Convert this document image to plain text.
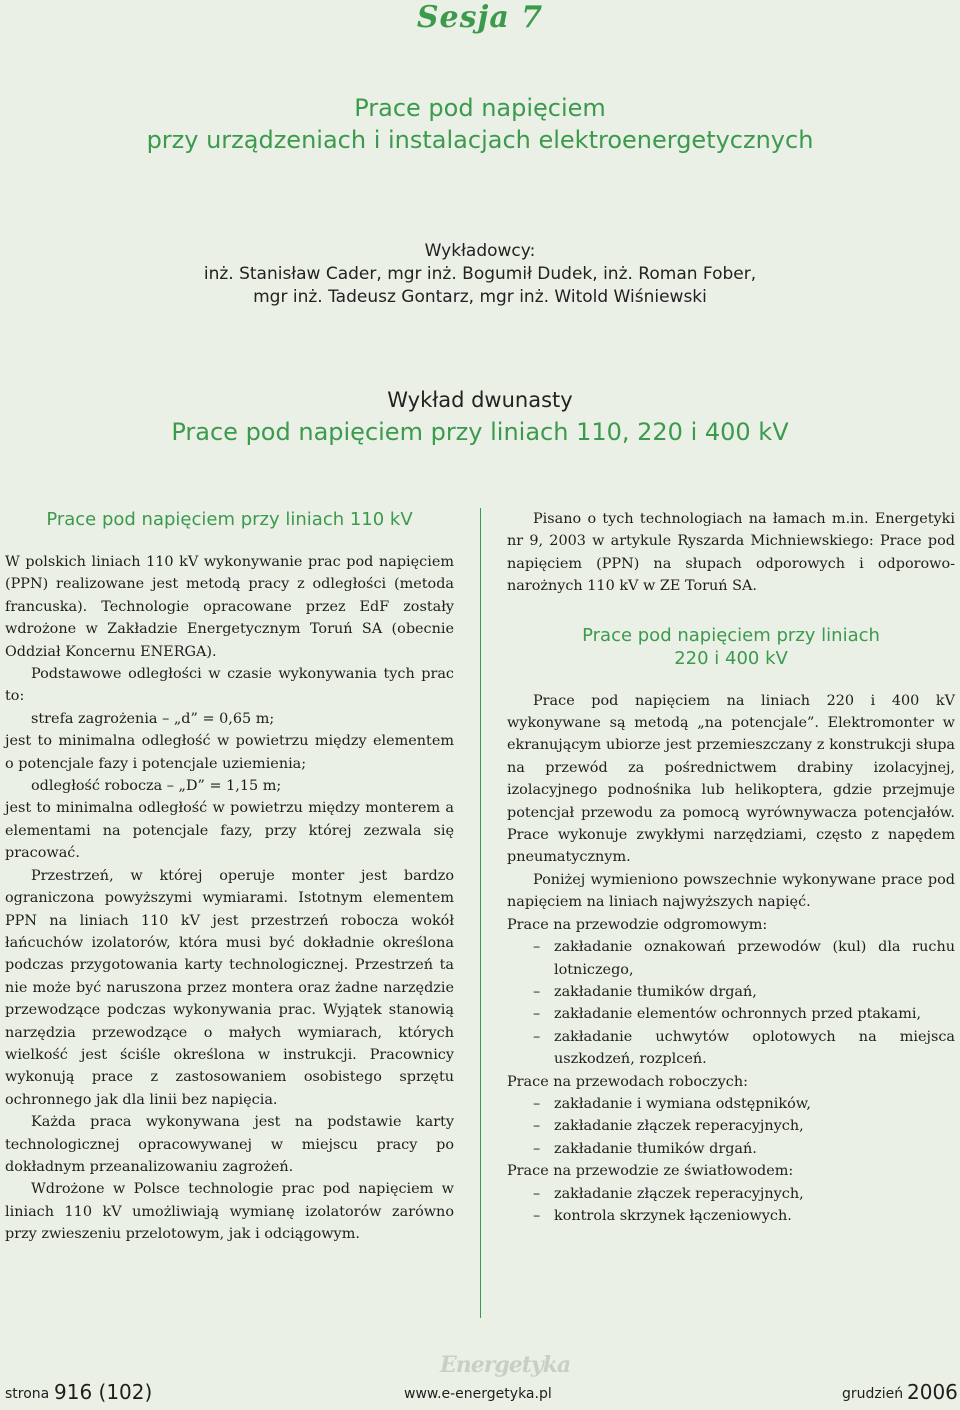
Sesja 7
Prace pod napięciem
przy urządzeniach i instalacjach elektroenergetycznych
Wykładowcy:
inż. Stanisław Cader, mgr inż. Bogumił Dudek, inż. Roman Fober,
mgr inż. Tadeusz Gontarz, mgr inż. Witold Wiśniewski
Wykład dwunasty
Prace pod napięciem przy liniach 110, 220 i 400 kV
Prace pod napięciem przy liniach 110 kV

W polskich liniach 110 kV wykonywanie prac pod napięciem (PPN) realizowane jest metodą pracy z odległości (metoda francuska). Technologie opracowane przez EdF zostały wdrożone w Zakładzie Energetycznym Toruń SA (obecnie Oddział Koncernu ENERGA).

Podstawowe odległości w czasie wykonywania tych prac to:

strefa zagrożenia – „d” = 0,65 m;

jest to minimalna odległość w powietrzu między elementem o potencjale fazy i potencjale uziemienia;

odległość robocza – „D” = 1,15 m;

jest to minimalna odległość w powietrzu między monterem a elementami na potencjale fazy, przy której zezwala się pracować.

Przestrzeń, w której operuje monter jest bardzo ograniczona powyższymi wymiarami. Istotnym elementem PPN na liniach 110 kV jest przestrzeń robocza wokół łańcuchów izolatorów, która musi być dokładnie określona podczas przygotowania karty technologicznej. Przestrzeń ta nie może być naruszona przez montera oraz żadne narzędzie przewodzące podczas wykonywania prac. Wyjątek stanowią narzędzia przewodzące o małych wymiarach, których wielkość jest ściśle określona w instrukcji. Pracownicy wykonują prace z zastosowaniem osobistego sprzętu ochronnego jak dla linii bez napięcia.

Każda praca wykonywana jest na podstawie karty technologicznej opracowywanej w miejscu pracy po dokładnym przeanalizowaniu zagrożeń.

Wdrożone w Polsce technologie prac pod napięciem w liniach 110 kV umożliwiają wymianę izolatorów zarówno przy zwieszeniu przelotowym, jak i odciągowym.

Pisano o tych technologiach na łamach m.in. Energetyki nr 9, 2003 w artykule Ryszarda Michniewskiego: Prace pod napięciem (PPN) na słupach odporowych i odporowo-narożnych 110 kV w ZE Toruń SA.

Prace pod napięciem przy liniach
220 i 400 kV

Prace pod napięciem na liniach 220 i 400 kV wykonywane są metodą „na potencjale”. Elektromonter w ekranującym ubiorze jest przemieszczany z konstrukcji słupa na przewód za pośrednictwem drabiny izolacyjnej, izolacyjnego podnośnika lub helikoptera, gdzie przejmuje potencjał przewodu za pomocą wyrównywacza potencjałów. Prace wykonuje zwykłymi narzędziami, często z napędem pneumatycznym.

Poniżej wymieniono powszechnie wykonywane prace pod napięciem na liniach najwyższych napięć.

Prace na przewodzie odgromowym:

– zakładanie oznakowań przewodów (kul) dla ruchu lotniczego,
– zakładanie tłumików drgań,
– zakładanie elementów ochronnych przed ptakami,
– zakładanie uchwytów oplotowych na miejsca uszkodzeń, rozplceń.

Prace na przewodach roboczych:

– zakładanie i wymiana odstępników,
– zakładanie złączek reperacyjnych,
– zakładanie tłumików drgań.

Prace na przewodzie ze światłowodem:

– zakładanie złączek reperacyjnych,
– kontrola skrzynek łączeniowych.
Energetyka
strona 916 (102)	www.e-energetyka.pl	grudzień 2006
